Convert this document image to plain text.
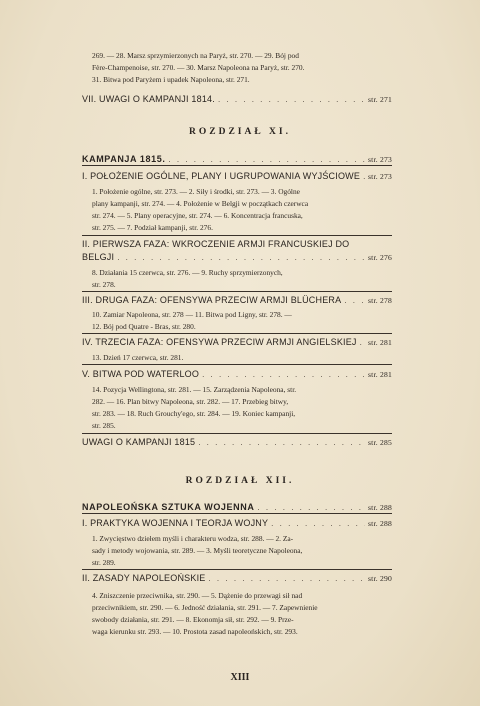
269. — 28. Marsz sprzymierzonych na Paryż, str. 270. — 29. Bój pod
Fère-Champenoise, str. 270. — 30. Marsz Napoleona na Paryż, str. 270.
31. Bitwa pod Paryżem i upadek Napoleona, str. 271.
VII. UWAGI O KAMPANJI 1814. . . .	str. 271
ROZDZIAŁ XI.
KAMPANJA 1815. . . .	str. 273
I. POŁOŻENIE OGÓLNE, PLANY I UGRUPOWANIA WYJŚCIOWE . . . str. 273
1. Położenie ogólne, str. 273. — 2. Siły i środki, str. 273. — 3. Ogólne
plany kampanji, str. 274. — 4. Położenie w Belgji w początkach czerwca
str. 274. — 5. Plany operacyjne, str. 274. — 6. Koncentracja francuska,
str. 275. — 7. Podział kampanji, str. 276.
II. PIERWSZA FAZA: WKROCZENIE ARMJI FRANCUSKIEJ DO
BELGJI . . .	str. 276
8. Działania 15 czerwca, str. 276. — 9. Ruchy sprzymierzonych,
str. 278.
III. DRUGA FAZA: OFENSYWA PRZECIW ARMJI BLÜCHERA . . .	str. 278
10. Zamiar Napoleona, str. 278 — 11. Bitwa pod Ligny, str. 278. —
12. Bój pod Quatre - Bras, str. 280.
IV. TRZECIA FAZA: OFENSYWA PRZECIW ARMJI ANGIELSKIEJ . . . str. 281
13. Dzień 17 czerwca, str. 281.
V. BITWA POD WATERLOO . . .	str. 281
14. Pozycja Wellingtona, str. 281. — 15. Zarządzenia Napoleona, str.
282. — 16. Plan bitwy Napoleona, str. 282. — 17. Przebieg bitwy,
str. 283. — 18. Ruch Grouchy'ego, str. 284. — 19. Koniec kampanji,
str. 285.
UWAGI O KAMPANJI 1815 . . .	str. 285
ROZDZIAŁ XII.
NAPOLEOŃSKA SZTUKA WOJENNA . . .	str. 288
I. PRAKTYKA WOJENNA I TEORJA WOJNY . . .	str. 288
1. Zwycięstwo dziełem myśli i charakteru wodza, str. 288. — 2. Za-
sady i metody wojowania, str. 289. — 3. Myśli teoretyczne Napoleona,
str. 289.
II. ZASADY NAPOLEOŃSKIE . . .	str. 290
4. Zniszczenie przeciwnika, str. 290. — 5. Dążenie do przewagi sił nad
przeciwnikiem, str. 290. — 6. Jedność działania, str. 291. — 7. Zapewnienie
swobody działania, str. 291. — 8. Ekonomja sił, str. 292. — 9. Prze-
waga kierunku str. 293. — 10. Prostota zasad napoleońskich, str. 293.
XIII
